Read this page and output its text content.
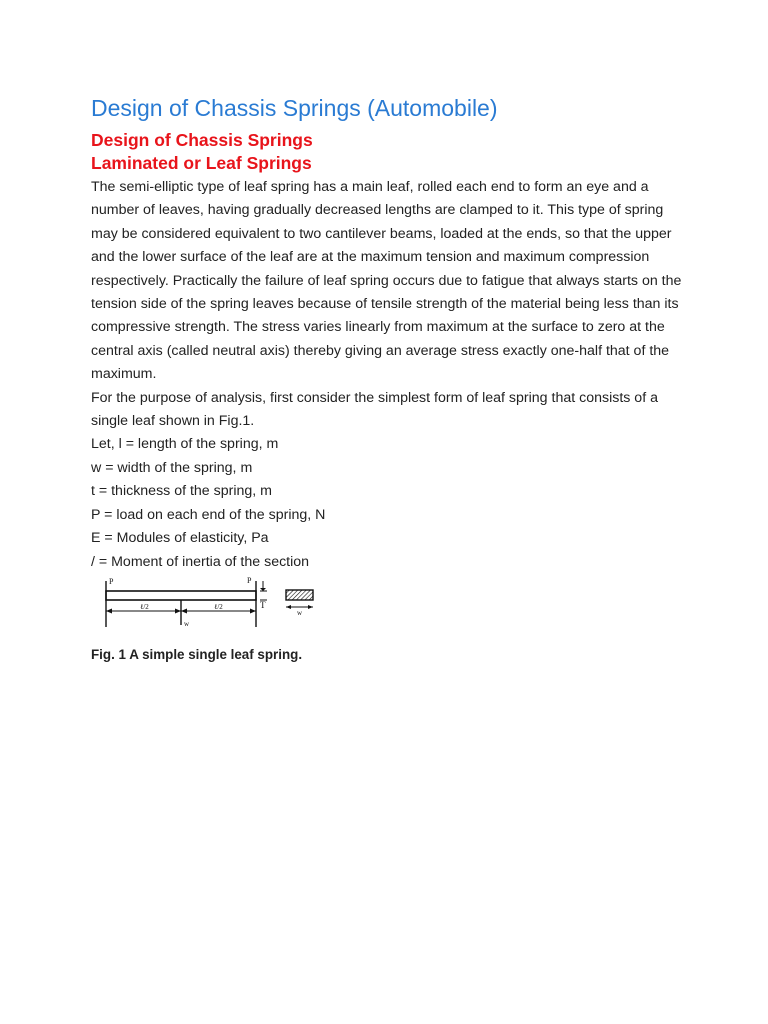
Design of Chassis Springs (Automobile)
Design of Chassis Springs
Laminated or Leaf Springs

The semi-elliptic type of leaf spring has a main leaf, rolled each end to form an eye and a number of leaves, having gradually decreased lengths are clamped to it. This type of spring may be considered equivalent to two cantilever beams, loaded at the ends, so that the upper and the lower surface of the leaf are at the maximum tension and maximum compression respectively. Practically the failure of leaf spring occurs due to fatigue that always starts on the tension side of the spring leaves because of tensile strength of the material being less than its compressive strength. The stress varies linearly from maximum at the surface to zero at the central axis (called neutral axis) thereby giving an average stress exactly one-half that of the maximum.

For the purpose of analysis, first consider the simplest form of leaf spring that consists of a single leaf shown in Fig.1.

Let, l = length of the spring, m
w = width of the spring, m
t = thickness of the spring, m
P = load on each end of the spring, N
E = Modules of elasticity, Pa
/ = Moment of inertia of the section
P	P
T
ℓ/2	ℓ/2
w
w
Fig. 1 A simple single leaf spring.
